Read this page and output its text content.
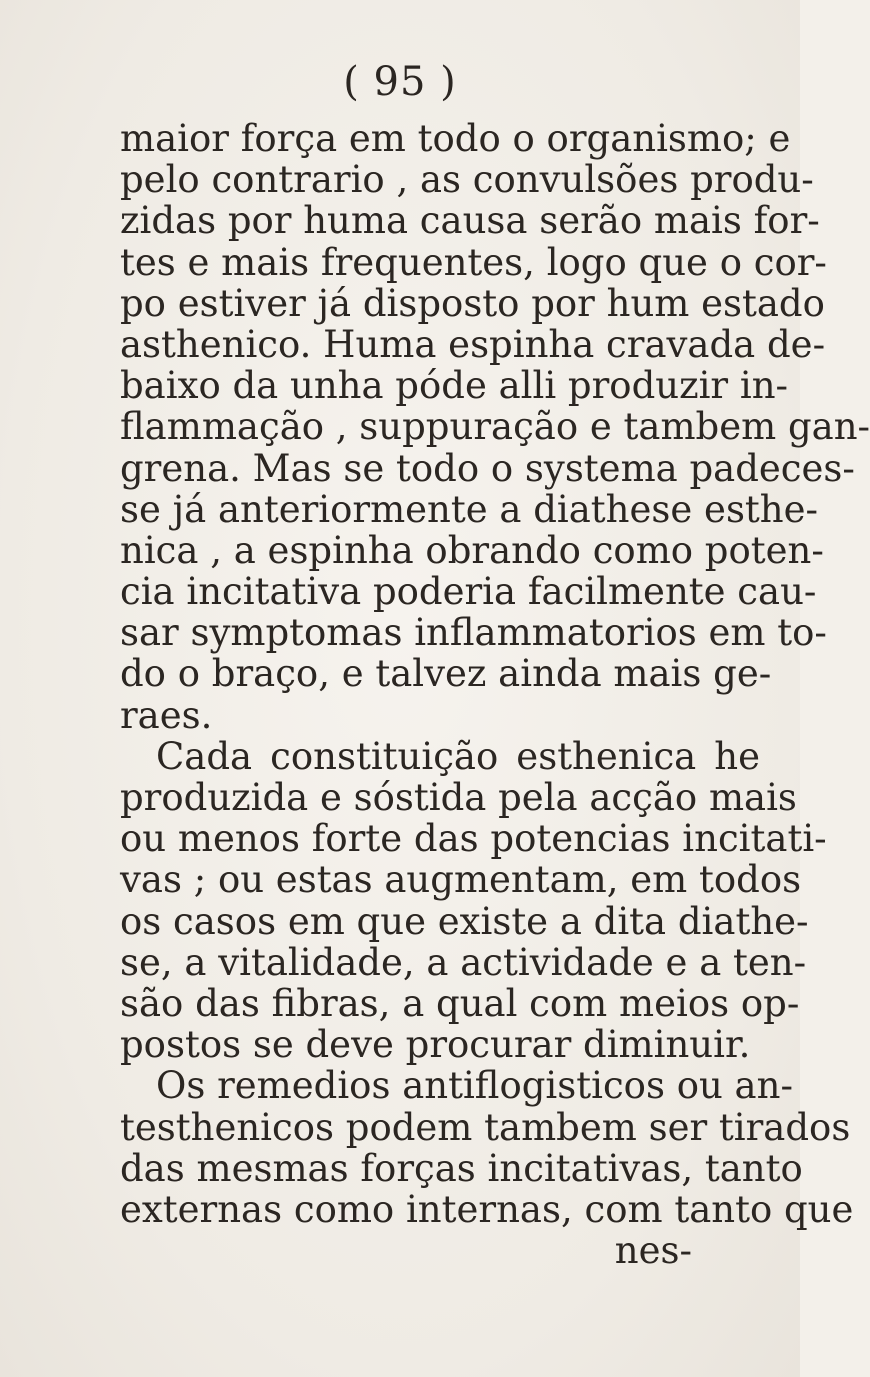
( 95 )
maior força em todo o organismo; e
pelo contrario , as convulsões produ-
zidas por huma causa serão mais for-
tes e mais frequentes, logo que o cor-
po estiver já disposto por hum estado
asthenico. Huma espinha cravada de-
baixo da unha póde alli produzir in-
flammação , suppuração e tambem gan-
grena. Mas se todo o systema padeces-
se já anteriormente a diathese esthe-
nica , a espinha obrando como poten-
cia incitativa poderia facilmente cau-
sar symptomas inflammatorios em to-
do o braço, e talvez ainda mais ge-
raes.
Cada constituição esthenica he
produzida e sóstida pela acção mais
ou menos forte das potencias incitati-
vas ; ou estas augmentam, em todos
os casos em que existe a dita diathe-
se, a vitalidade, a actividade e a ten-
são das fibras, a qual com meios op-
postos se deve procurar diminuir.
Os remedios antiflogisticos ou an-
testhenicos podem tambem ser tirados
das mesmas forças incitativas, tanto
externas como internas, com tanto que
nes-
